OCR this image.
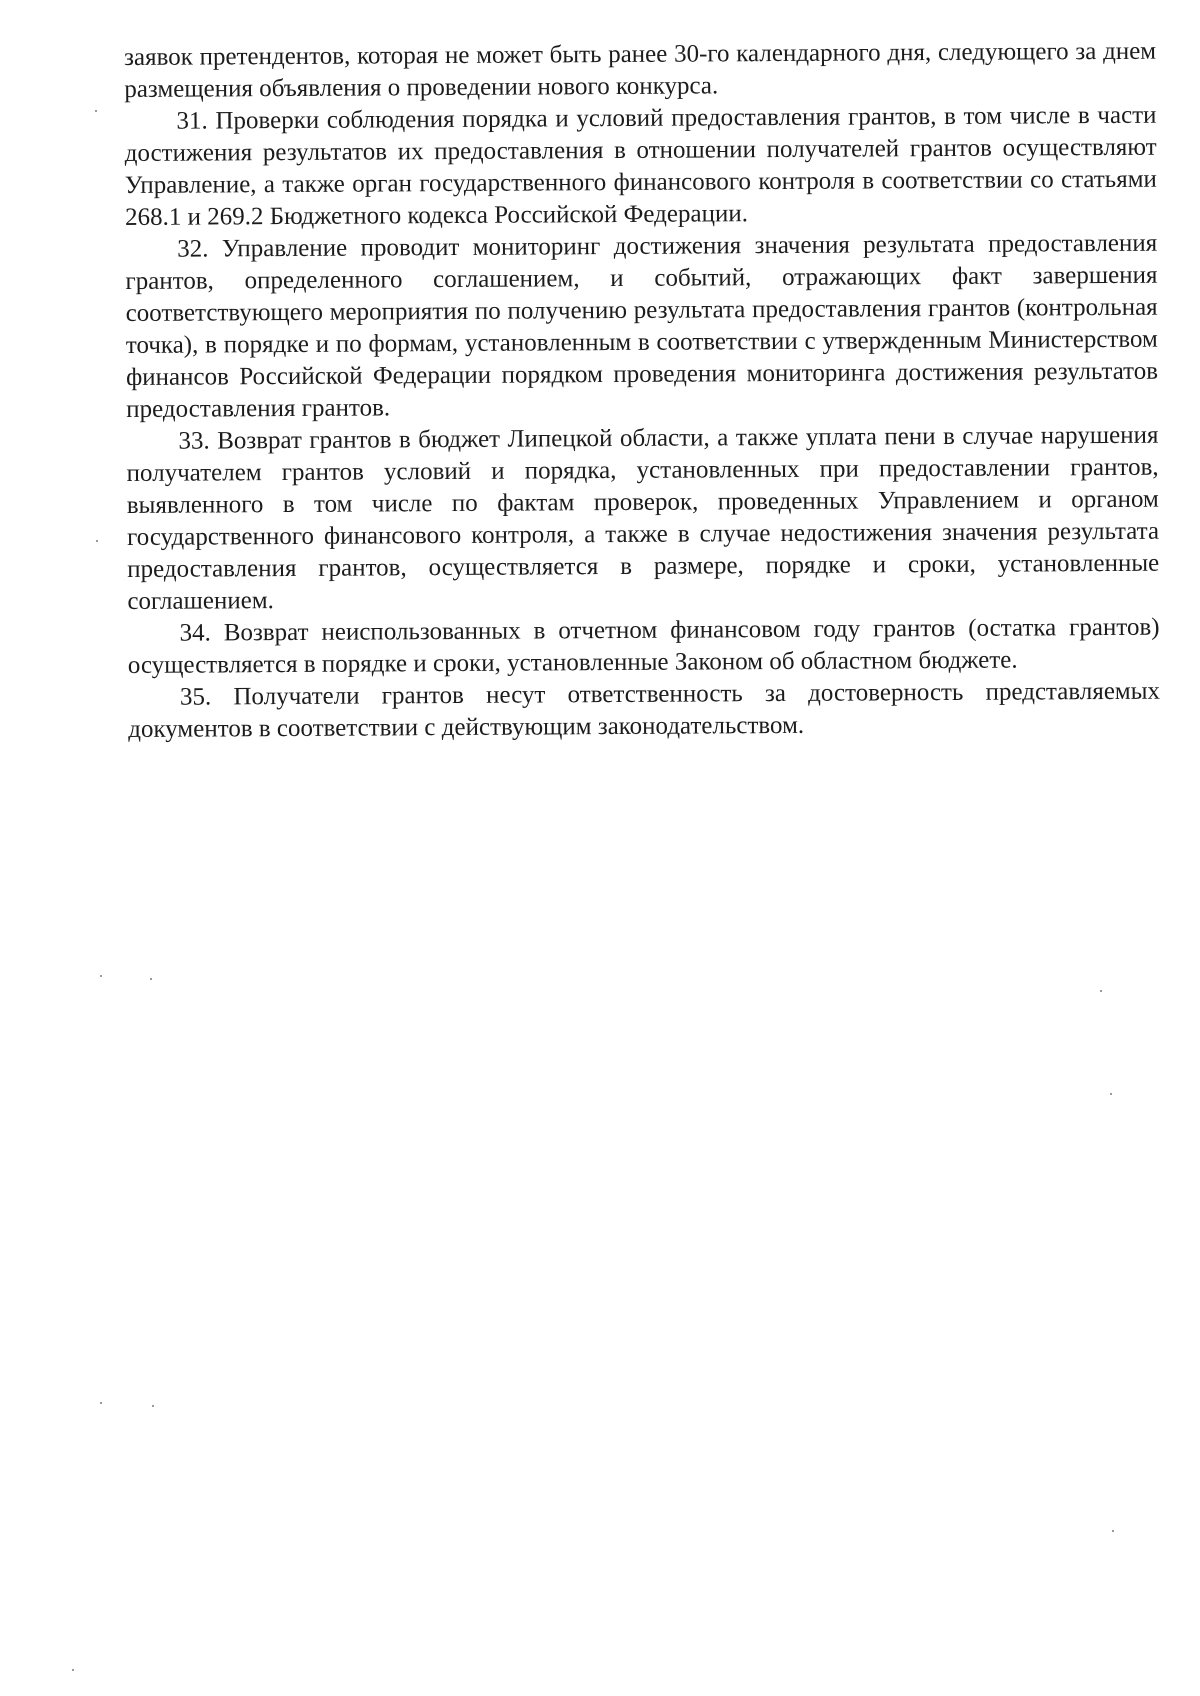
заявок претендентов, которая не может быть ранее 30-го календарного дня, следующего за днем размещения объявления о проведении нового конкурса.

31. Проверки соблюдения порядка и условий предоставления грантов, в том числе в части достижения результатов их предоставления в отношении получателей грантов осуществляют Управление, а также орган государственного финансового контроля в соответствии со статьями 268.1 и 269.2 Бюджетного кодекса Российской Федерации.

32. Управление проводит мониторинг достижения значения результата предоставления грантов, определенного соглашением, и событий, отражающих факт завершения соответствующего мероприятия по получению результата предоставления грантов (контрольная точка), в порядке и по формам, установленным в соответствии с утвержденным Министерством финансов Российской Федерации порядком проведения мониторинга достижения результатов предоставления грантов.

33. Возврат грантов в бюджет Липецкой области, а также уплата пени в случае нарушения получателем грантов условий и порядка, установленных при предоставлении грантов, выявленного в том числе по фактам проверок, проведенных Управлением и органом государственного финансового контроля, а также в случае недостижения значения результата предоставления грантов, осуществляется в размере, порядке и сроки, установленные соглашением.

34. Возврат неиспользованных в отчетном финансовом году грантов (остатка грантов) осуществляется в порядке и сроки, установленные Законом об областном бюджете.

35. Получатели грантов несут ответственность за достоверность представляемых документов в соответствии с действующим законодательством.
